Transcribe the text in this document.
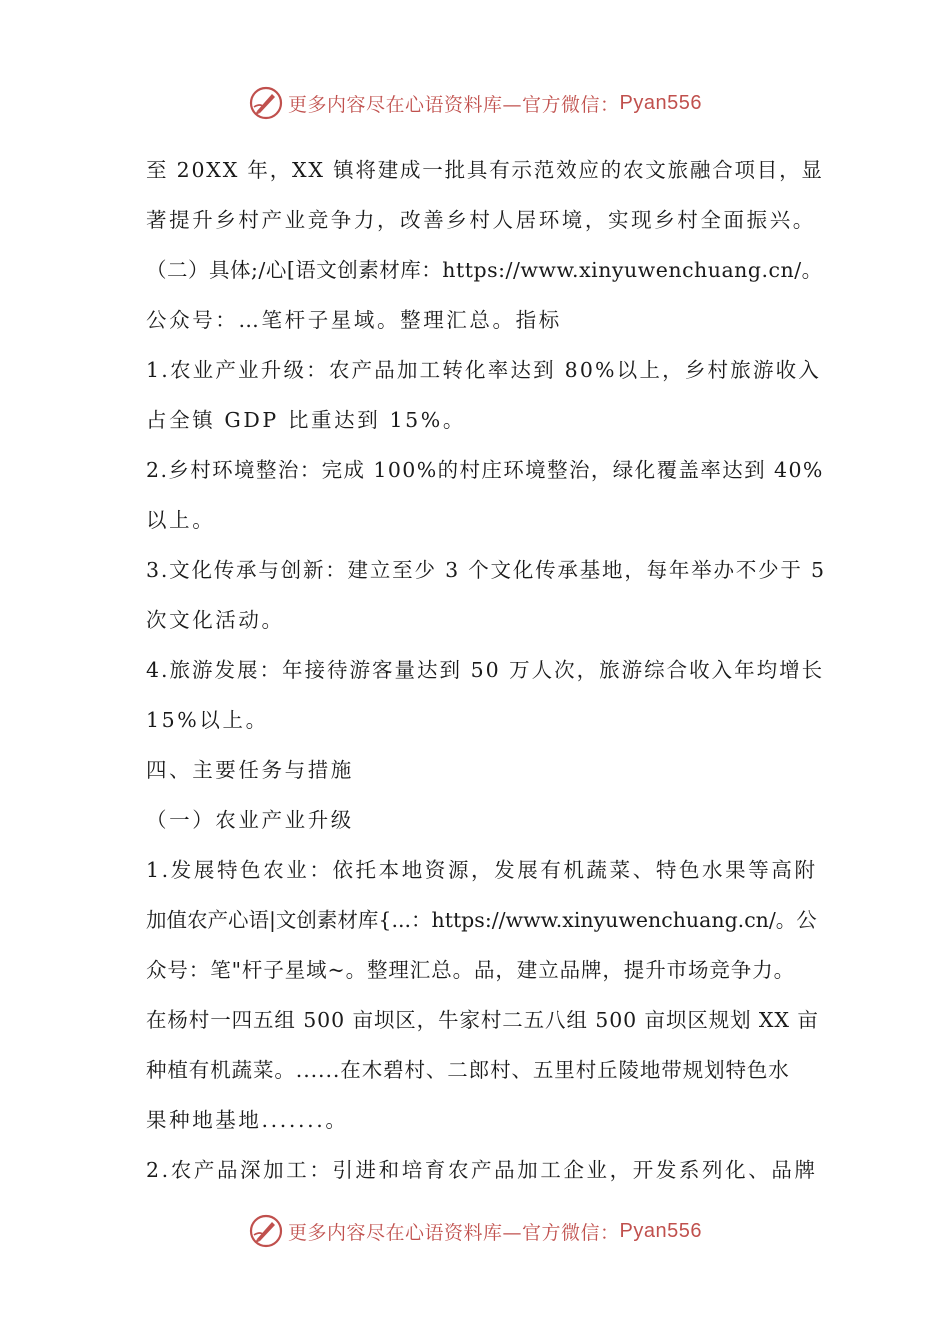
更多内容尽在心语资料库—官方微信： Pyan556
至 20XX 年，XX 镇将建成一批具有示范效应的农文旅融合项目，显
著提升乡村产业竞争力，改善乡村人居环境，实现乡村全面振兴。
（二）具体;/心[语文创素材库：https://www.xinyuwenchuang.cn/。
公众号：…笔杆子星域。整理汇总。指标
1.农业产业升级：农产品加工转化率达到 80%以上，乡村旅游收入
占全镇 GDP 比重达到 15%。
2.乡村环境整治：完成 100%的村庄环境整治，绿化覆盖率达到 40%
以上。
3.文化传承与创新：建立至少 3 个文化传承基地，每年举办不少于 5
次文化活动。
4.旅游发展：年接待游客量达到 50 万人次，旅游综合收入年均增长
15%以上。
四、主要任务与措施
（一）农业产业升级
1.发展特色农业：依托本地资源，发展有机蔬菜、特色水果等高附
加值农产心语|文创素材库{...：https://www.xinyuwenchuang.cn/。公
众号：笔"杆子星域~。整理汇总。品，建立品牌，提升市场竞争力。
在杨村一四五组 500 亩坝区，牛家村二五八组 500 亩坝区规划 XX 亩
种植有机蔬菜。......在木碧村、二郎村、五里村丘陵地带规划特色水
果种地基地.......。
2.农产品深加工：引进和培育农产品加工企业，开发系列化、品牌
更多内容尽在心语资料库—官方微信： Pyan556
